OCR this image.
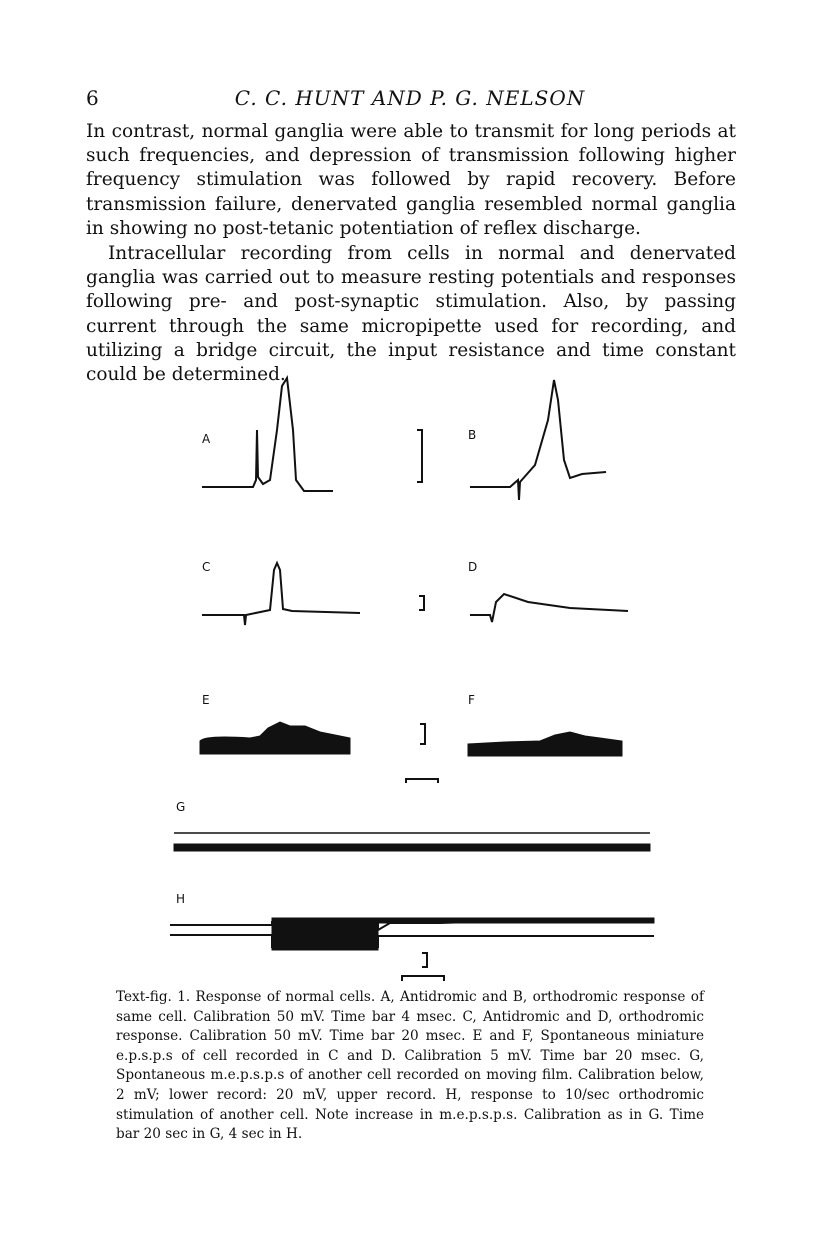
6	C. C. HUNT AND P. G. NELSON

In contrast, normal ganglia were able to transmit for long periods at such frequencies, and depression of transmission following higher frequency stimulation was followed by rapid recovery. Before transmission failure, denervated ganglia resembled normal ganglia in showing no post-tetanic potentiation of reflex discharge.

Intracellular recording from cells in normal and denervated ganglia was carried out to measure resting potentials and responses following pre- and post-synaptic stimulation. Also, by passing current through the same micropipette used for recording, and utilizing a bridge circuit, the input resistance and time constant could be determined.

A	B
C	D
E	F
G
H

Text-fig. 1. Response of normal cells. A, Antidromic and B, orthodromic response of same cell. Calibration 50 mV. Time bar 4 msec. C, Antidromic and D, orthodromic response. Calibration 50 mV. Time bar 20 msec. E and F, Spontaneous miniature e.p.s.p.s of cell recorded in C and D. Calibration 5 mV. Time bar 20 msec. G, Spontaneous m.e.p.s.p.s of another cell recorded on moving film. Calibration below, 2 mV; lower record: 20 mV, upper record. H, response to 10/sec orthodromic stimulation of another cell. Note increase in m.e.p.s.p.s. Calibration as in G. Time bar 20 sec in G, 4 sec in H.
